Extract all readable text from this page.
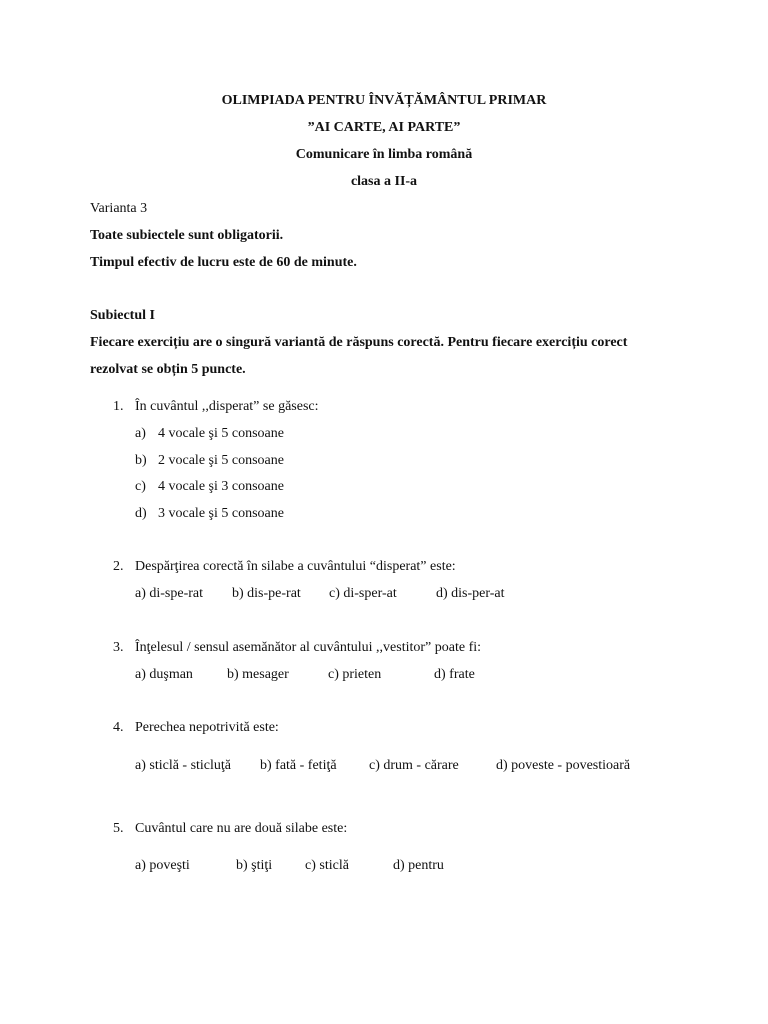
OLIMPIADA PENTRU ÎNVĂȚĂMÂNTUL PRIMAR
”AI CARTE, AI PARTE”
Comunicare în limba română
clasa a II-a
Varianta 3
Toate subiectele sunt obligatorii.
Timpul efectiv de lucru este de 60 de minute.
Subiectul I
Fiecare exercițiu are o singură variantă de răspuns corectă. Pentru fiecare exercițiu corect
rezolvat se obțin 5 puncte.
1. În cuvântul ,,disperat” se găsesc:
a) 4 vocale şi 5 consoane
b) 2 vocale şi 5 consoane
c) 4 vocale şi 3 consoane
d) 3 vocale şi 5 consoane
2. Despărţirea corectă în silabe a cuvântului “disperat” este:
a) di-spe-rat b) dis-pe-rat c) di-sper-at	d) dis-per-at
3. Înţelesul / sensul asemănător al cuvântului ,,vestitor” poate fi:
a) duşman b) mesager	c) prieten	d) frate
4. Perechea nepotrivită este:
a) sticlă - sticluţă b) fată - fetiţă c) drum - cărare	d) poveste - povestioară
5. Cuvântul care nu are două silabe este:
a) poveşti	b) ştiţi c) sticlă	d) pentru
